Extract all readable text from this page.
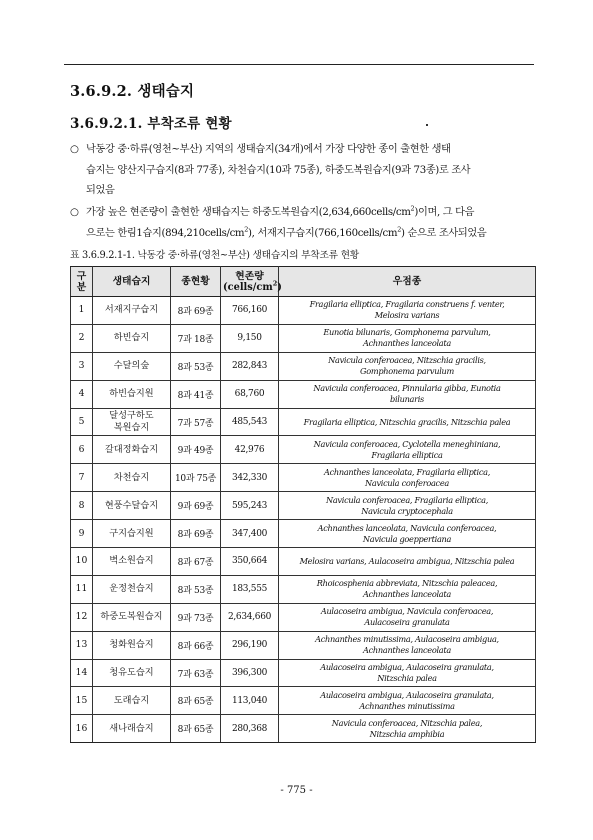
3.6.9.2. 생태습지
3.6.9.2.1. 부착조류 현황
○ 낙동강 중·하류(영천~부산) 지역의 생태습지(34개)에서 가장 다양한 종이 출현한 생태
습지는 양산지구습지(8과 77종), 차천습지(10과 75종), 하중도복원습지(9과 73종)로 조사
되었음
○ 가장 높은 현존량이 출현한 생태습지는 하중도복원습지$(2,634,660cells/cm^2)$이며, 그 다음
으로는 한림1습지$(894,210cells/cm^2)$, 서재지구습지$(766,160cells/cm^2)$ 순으로 조사되었음
표 3.6.9.2.1-1. 낙동강 중·하류(영천~부산) 생태습지의 부착조류 현황
구
분	생태습지	종현황	현존량
$(cells/cm^2)$	우점종
1	서재지구습지	8과 69종	766,160	Fragilaria elliptica, Fragilaria construens f. venter,
Melosira varians

2	하빈습지	7과 18종	9,150	Eunotia bilunaris, Gomphonema parvulum,
Achnanthes lanceolata

3	수달의숲	8과 53종	282,843	Navicula conferoacea, Nitzschia gracilis,
Gomphonema parvulum

4	하빈습지원	8과 41종	68,760	Navicula conferoacea, Pinnularia gibba, Eunotia
bilunaris

5	달성구하도
복원습지	7과 57종	485,543	Fragilaria elliptica, Nitzschia gracilis, Nitzschia palea

6	갈대정화습지	9과 49종	42,976	Navicula conferoacea, Cyclotella meneghiniana,
Fragilaria elliptica

7	차천습지	10과 75종	342,330	Achnanthes lanceolata, Fragilaria elliptica,
Navicula conferoacea

8	현풍수달습지	9과 69종	595,243	Navicula conferoacea, Fragilaria elliptica,
Navicula cryptocephala

9	구지습지원	8과 69종	347,400	Achnanthes lanceolata, Navicula conferoacea,
Navicula goeppertiana

10	벽소원습지	8과 67종	350,664	Melosira varians, Aulacoseira ambigua, Nitzschia palea

11	운정천습지	8과 53종	183,555	Rhoicosphenia abbreviata, Nitzschia paleacea,
Achnanthes lanceolata

12	하중도복원습지	9과 73종	2,634,660	Aulacoseira ambigua, Navicula conferoacea,
Aulacoseira granulata

13	청화원습지	8과 66종	296,190	Achnanthes minutissima, Aulacoseira ambigua,
Achnanthes lanceolata

14	청유도습지	7과 63종	396,300	Aulacoseira ambigua, Aulacoseira granulata,
Nitzschia palea

15	도래습지	8과 65종	113,040	Aulacoseira ambigua, Aulacoseira granulata,
Achnanthes minutissima

16	새나래습지	8과 65종	280,368	Navicula conferoacea, Nitzschia palea,
Nitzschia amphibia
- 775 -
